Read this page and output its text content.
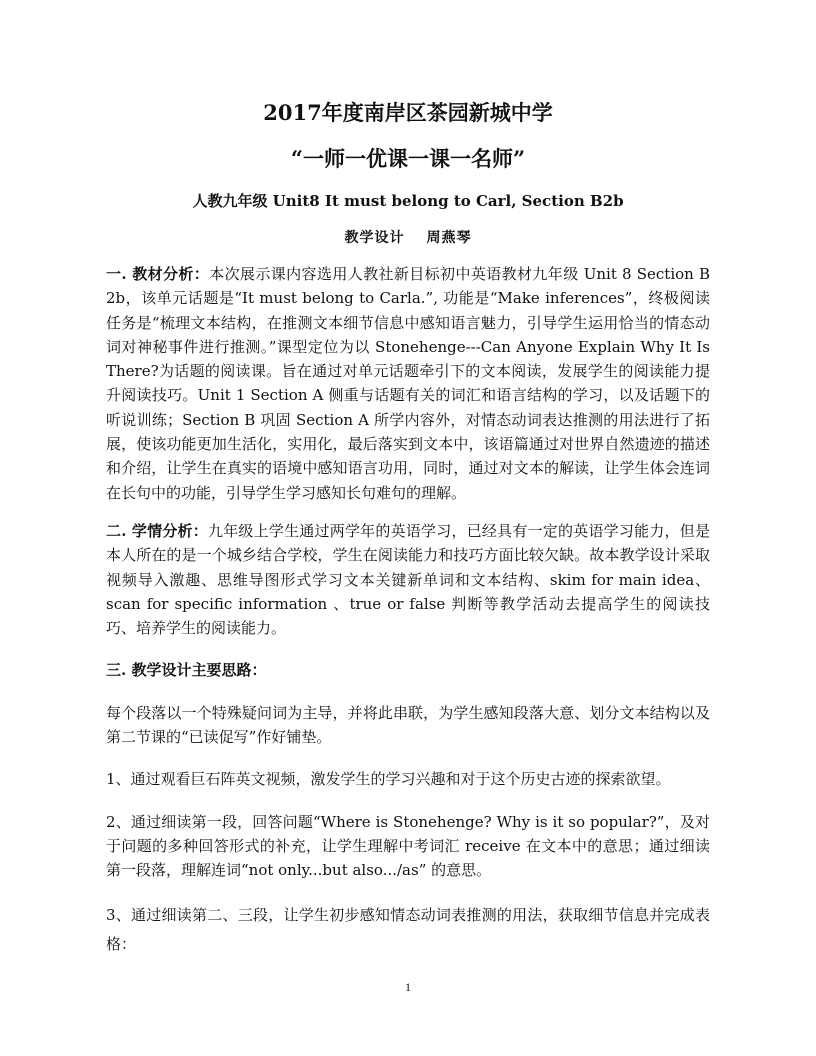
2017年度南岸区茶园新城中学
“一师一优课一课一名师”
人教九年级 Unit8 It must belong to Carl, Section B2b
教学设计 周燕琴

一. 教材分析：本次展示课内容选用人教社新目标初中英语教材九年级 Unit 8 Section B 2b，该单元话题是“It must belong to Carla.”, 功能是“Make inferences”，终极阅读任务是“梳理文本结构，在推测文本细节信息中感知语言魅力，引导学生运用恰当的情态动词对神秘事件进行推测。”课型定位为以 Stonehenge---Can Anyone Explain Why It Is There?为话题的阅读课。旨在通过对单元话题牵引下的文本阅读，发展学生的阅读能力提升阅读技巧。Unit 1 Section A 侧重与话题有关的词汇和语言结构的学习，以及话题下的听说训练；Section B 巩固 Section A 所学内容外，对情态动词表达推测的用法进行了拓展，使该功能更加生活化，实用化，最后落实到文本中，该语篇通过对世界自然遗迹的描述和介绍，让学生在真实的语境中感知语言功用，同时，通过对文本的解读，让学生体会连词在长句中的功能，引导学生学习感知长句难句的理解。

二. 学情分析：九年级上学生通过两学年的英语学习，已经具有一定的英语学习能力，但是本人所在的是一个城乡结合学校，学生在阅读能力和技巧方面比较欠缺。故本教学设计采取视频导入激趣、思维导图形式学习文本关键新单词和文本结构、skim for main idea、scan for specific information 、true or false 判断等教学活动去提高学生的阅读技巧、培养学生的阅读能力。

三. 教学设计主要思路：

每个段落以一个特殊疑问词为主导，并将此串联，为学生感知段落大意、划分文本结构以及第二节课的“已读促写”作好铺垫。

1、通过观看巨石阵英文视频，激发学生的学习兴趣和对于这个历史古迹的探索欲望。

2、通过细读第一段，回答问题“Where is Stonehenge? Why is it so popular?”，及对于问题的多种回答形式的补充，让学生理解中考词汇 receive 在文本中的意思；通过细读第一段落，理解连词“not only...but also.../as” 的意思。

3、通过细读第二、三段，让学生初步感知情态动词表推测的用法，获取细节信息并完成表格：

1
